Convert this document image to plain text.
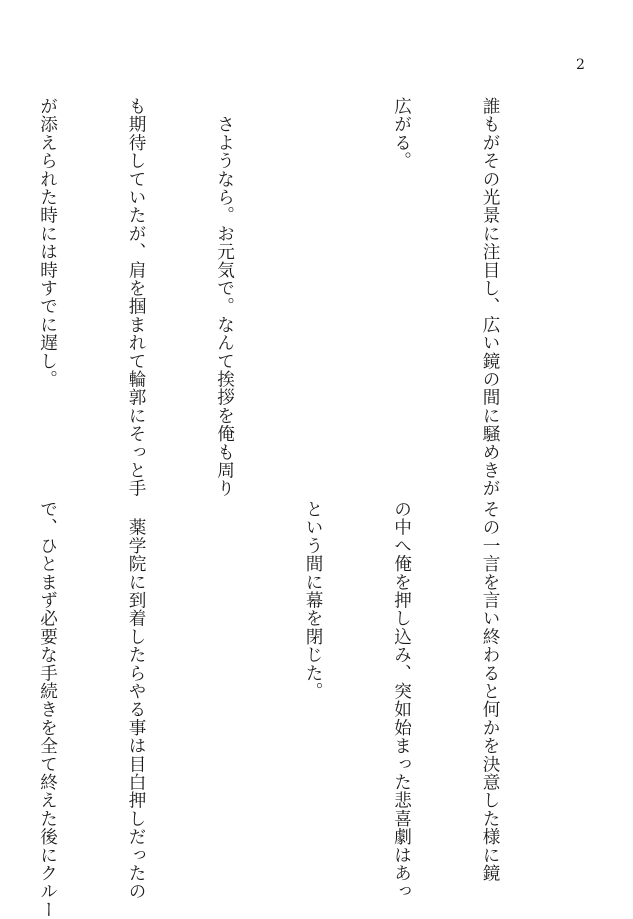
2

誰もがその光景に注目し、広い鏡の間に騒めきが

広がる。

　さようなら。お元気で。なんて挨拶を俺も周り

も期待していたが、肩を掴まれて輪郭にそっと手

が添えられた時には時すでに遅し。

その一言を言い終わると何かを決意した様に鏡

の中へ俺を押し込み、突如始まった悲喜劇はあっ

という間に幕を閉じた。

　薬学院に到着したらやる事は目白押しだったの

で、ひとまず必要な手続きを全て終えた後にクルー
